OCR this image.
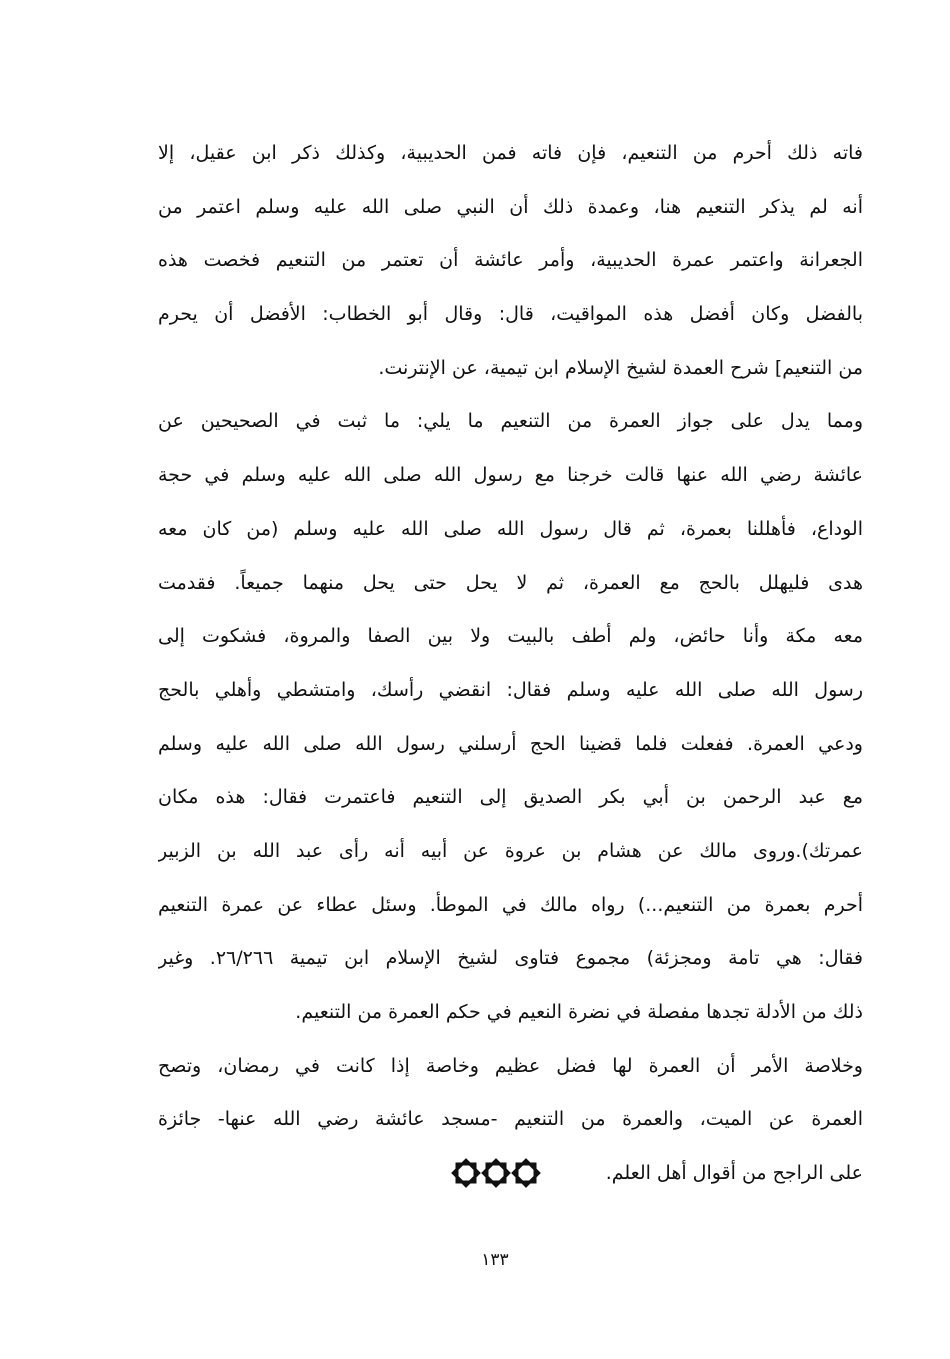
فاته ذلك أحرم من التنعيم، فإن فاته فمن الحديبية، وكذلك ذكر ابن عقيل، إلا
أنه لم يذكر التنعيم هنا، وعمدة ذلك أن النبي صلى الله عليه وسلم اعتمر من
الجعرانة واعتمر عمرة الحديبية، وأمر عائشة أن تعتمر من التنعيم فخصت هذه
بالفضل وكان أفضل هذه المواقيت، قال: وقال أبو الخطاب: الأفضل أن يحرم
من التنعيم] شرح العمدة لشيخ الإسلام ابن تيمية، عن الإنترنت.
ومما يدل على جواز العمرة من التنعيم ما يلي: ما ثبت في الصحيحين عن
عائشة رضي الله عنها قالت خرجنا مع رسول الله صلى الله عليه وسلم في حجة
الوداع، فأهللنا بعمرة، ثم قال رسول الله صلى الله عليه وسلم (من كان معه
هدى فليهلل بالحج مع العمرة، ثم لا يحل حتى يحل منهما جميعاً. فقدمت
معه مكة وأنا حائض، ولم أطف بالبيت ولا بين الصفا والمروة، فشكوت إلى
رسول الله صلى الله عليه وسلم فقال: انقضي رأسك، وامتشطي وأهلي بالحج
ودعي العمرة. ففعلت فلما قضينا الحج أرسلني رسول الله صلى الله عليه وسلم
مع عبد الرحمن بن أبي بكر الصديق إلى التنعيم فاعتمرت فقال: هذه مكان
عمرتك).وروى مالك عن هشام بن عروة عن أبيه أنه رأى عبد الله بن الزبير
أحرم بعمرة من التنعيم...) رواه مالك في الموطأ. وسئل عطاء عن عمرة التنعيم
فقال: هي تامة ومجزئة) مجموع فتاوى لشيخ الإسلام ابن تيمية ٢٦/٢٦٦. وغير
ذلك من الأدلة تجدها مفصلة في نضرة النعيم في حكم العمرة من التنعيم.
وخلاصة الأمر أن العمرة لها فضل عظيم وخاصة إذا كانت في رمضان، وتصح
العمرة عن الميت، والعمرة من التنعيم -مسجد عائشة رضي الله عنها- جائزة
على الراجح من أقوال أهل العلم.
١٣٣
